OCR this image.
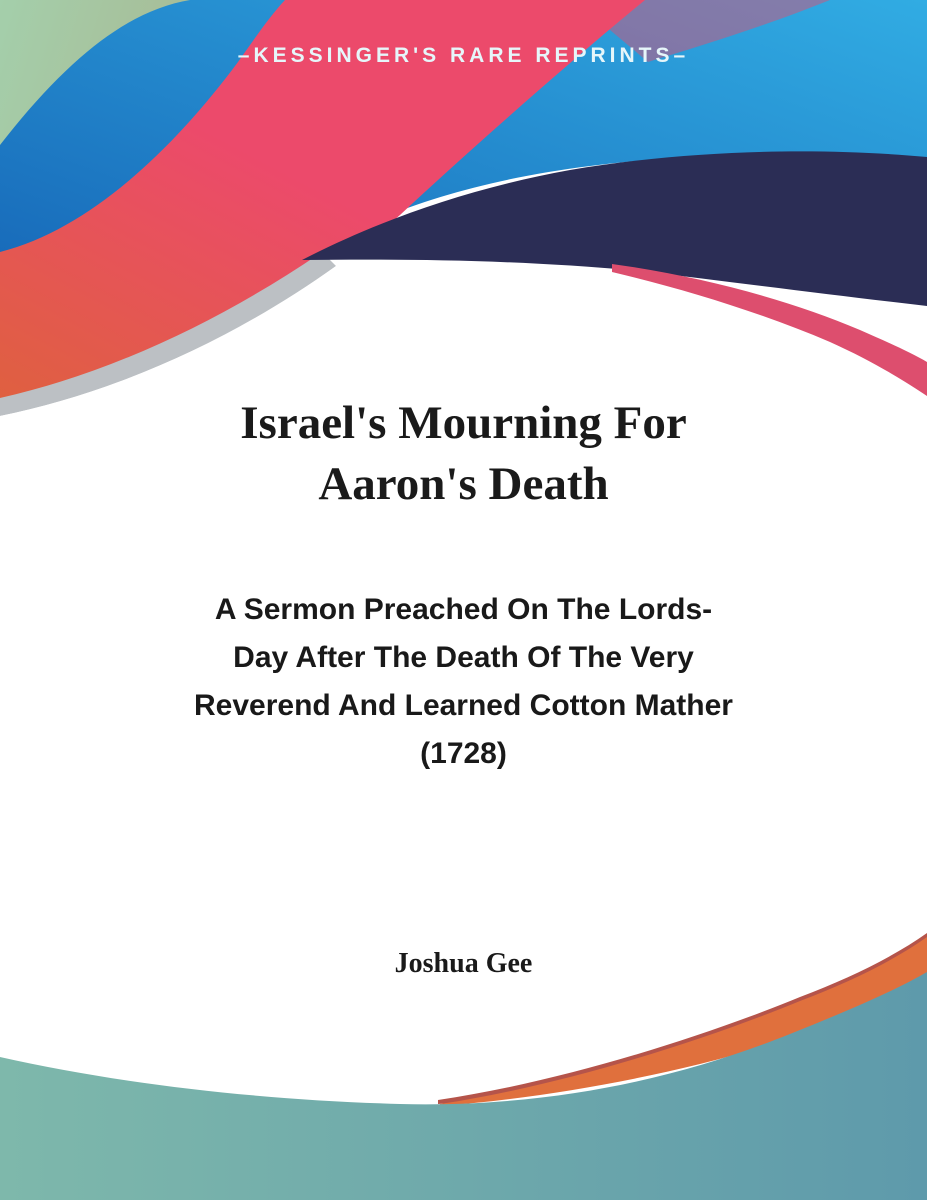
–KESSINGER'S RARE REPRINTS–
Israel's Mourning For
Aaron's Death
A Sermon Preached On The Lords-
Day After The Death Of The Very
Reverend And Learned Cotton Mather
(1728)
Joshua Gee
